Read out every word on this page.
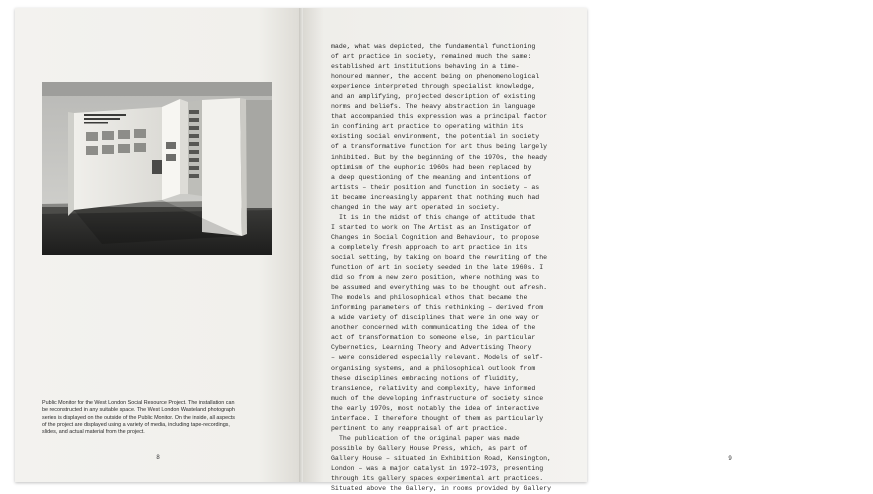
Public Monitor for the West London Social Resource Project. The installation can
be reconstructed in any suitable space. The West London Wasteland photograph
series is displayed on the outside of the Public Monitor. On the inside, all aspects
of the project are displayed using a variety of media, including tape-recordings,
slides, and actual material from the project.

8	9
made, what was depicted, the fundamental functioning
of art practice in society, remained much the same:
established art institutions behaving in a time-
honoured manner, the accent being on phenomenological
experience interpreted through specialist knowledge,
and an amplifying, projected description of existing
norms and beliefs. The heavy abstraction in language
that accompanied this expression was a principal factor
in confining art practice to operating within its
existing social environment, the potential in society
of a transformative function for art thus being largely
inhibited. But by the beginning of the 1970s, the heady
optimism of the euphoric 1960s had been replaced by
a deep questioning of the meaning and intentions of
artists – their position and function in society – as
it became increasingly apparent that nothing much had
changed in the way art operated in society.
It is in the midst of this change of attitude that
I started to work on The Artist as an Instigator of
Changes in Social Cognition and Behaviour, to propose
a completely fresh approach to art practice in its
social setting, by taking on board the rewriting of the
function of art in society seeded in the late 1960s. I
did so from a new zero position, where nothing was to
be assumed and everything was to be thought out afresh.
The models and philosophical ethos that became the
informing parameters of this rethinking – derived from
a wide variety of disciplines that were in one way or
another concerned with communicating the idea of the
act of transformation to someone else, in particular
Cybernetics, Learning Theory and Advertising Theory
– were considered especially relevant. Models of self-
organising systems, and a philosophical outlook from
these disciplines embracing notions of fluidity,
transience, relativity and complexity, have informed
much of the developing infrastructure of society since
the early 1970s, most notably the idea of interactive
interface. I therefore thought of them as particularly
pertinent to any reappraisal of art practice.
The publication of the original paper was made
possible by Gallery House Press, which, as part of
Gallery House – situated in Exhibition Road, Kensington,
London – was a major catalyst in 1972–1973, presenting
through its gallery spaces experimental art practices.
Situated above the Gallery, in rooms provided by Gallery
